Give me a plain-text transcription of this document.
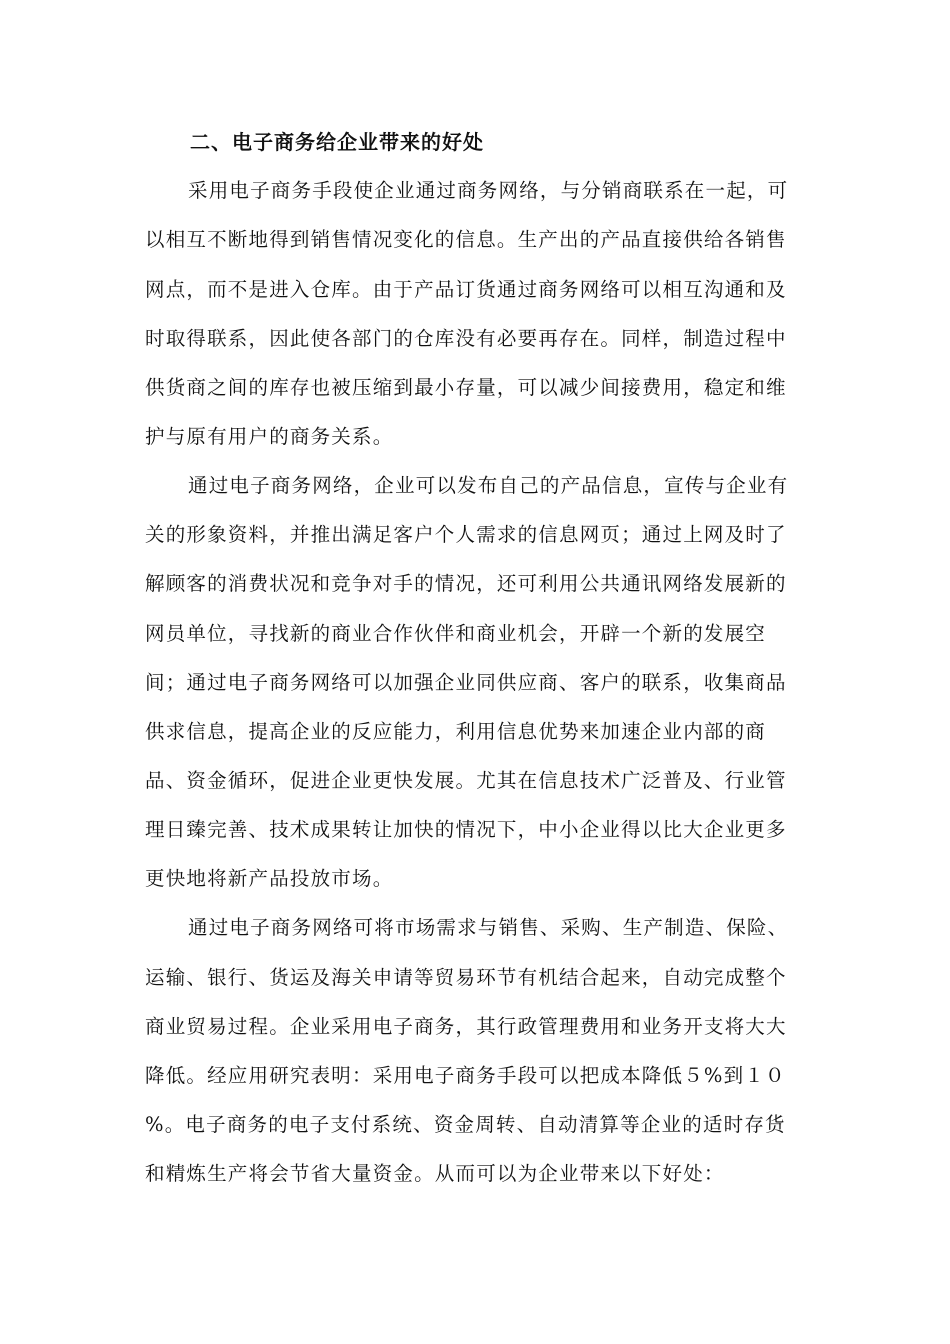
二、电子商务给企业带来的好处
采用电子商务手段使企业通过商务网络，与分销商联系在一起，可
以相互不断地得到销售情况变化的信息。生产出的产品直接供给各销售
网点，而不是进入仓库。由于产品订货通过商务网络可以相互沟通和及
时取得联系，因此使各部门的仓库没有必要再存在。同样，制造过程中
供货商之间的库存也被压缩到最小存量，可以减少间接费用，稳定和维
护与原有用户的商务关系。
通过电子商务网络，企业可以发布自己的产品信息，宣传与企业有
关的形象资料，并推出满足客户个人需求的信息网页；通过上网及时了
解顾客的消费状况和竞争对手的情况，还可利用公共通讯网络发展新的
网员单位，寻找新的商业合作伙伴和商业机会，开辟一个新的发展空
间；通过电子商务网络可以加强企业同供应商、客户的联系，收集商品
供求信息，提高企业的反应能力，利用信息优势来加速企业内部的商
品、资金循环，促进企业更快发展。尤其在信息技术广泛普及、行业管
理日臻完善、技术成果转让加快的情况下，中小企业得以比大企业更多
更快地将新产品投放市场。
通过电子商务网络可将市场需求与销售、采购、生产制造、保险、
运输、银行、货运及海关申请等贸易环节有机结合起来，自动完成整个
商业贸易过程。企业采用电子商务，其行政管理费用和业务开支将大大
降低。经应用研究表明：采用电子商务手段可以把成本降低５%到１０
%。电子商务的电子支付系统、资金周转、自动清算等企业的适时存货
和精炼生产将会节省大量资金。从而可以为企业带来以下好处：
